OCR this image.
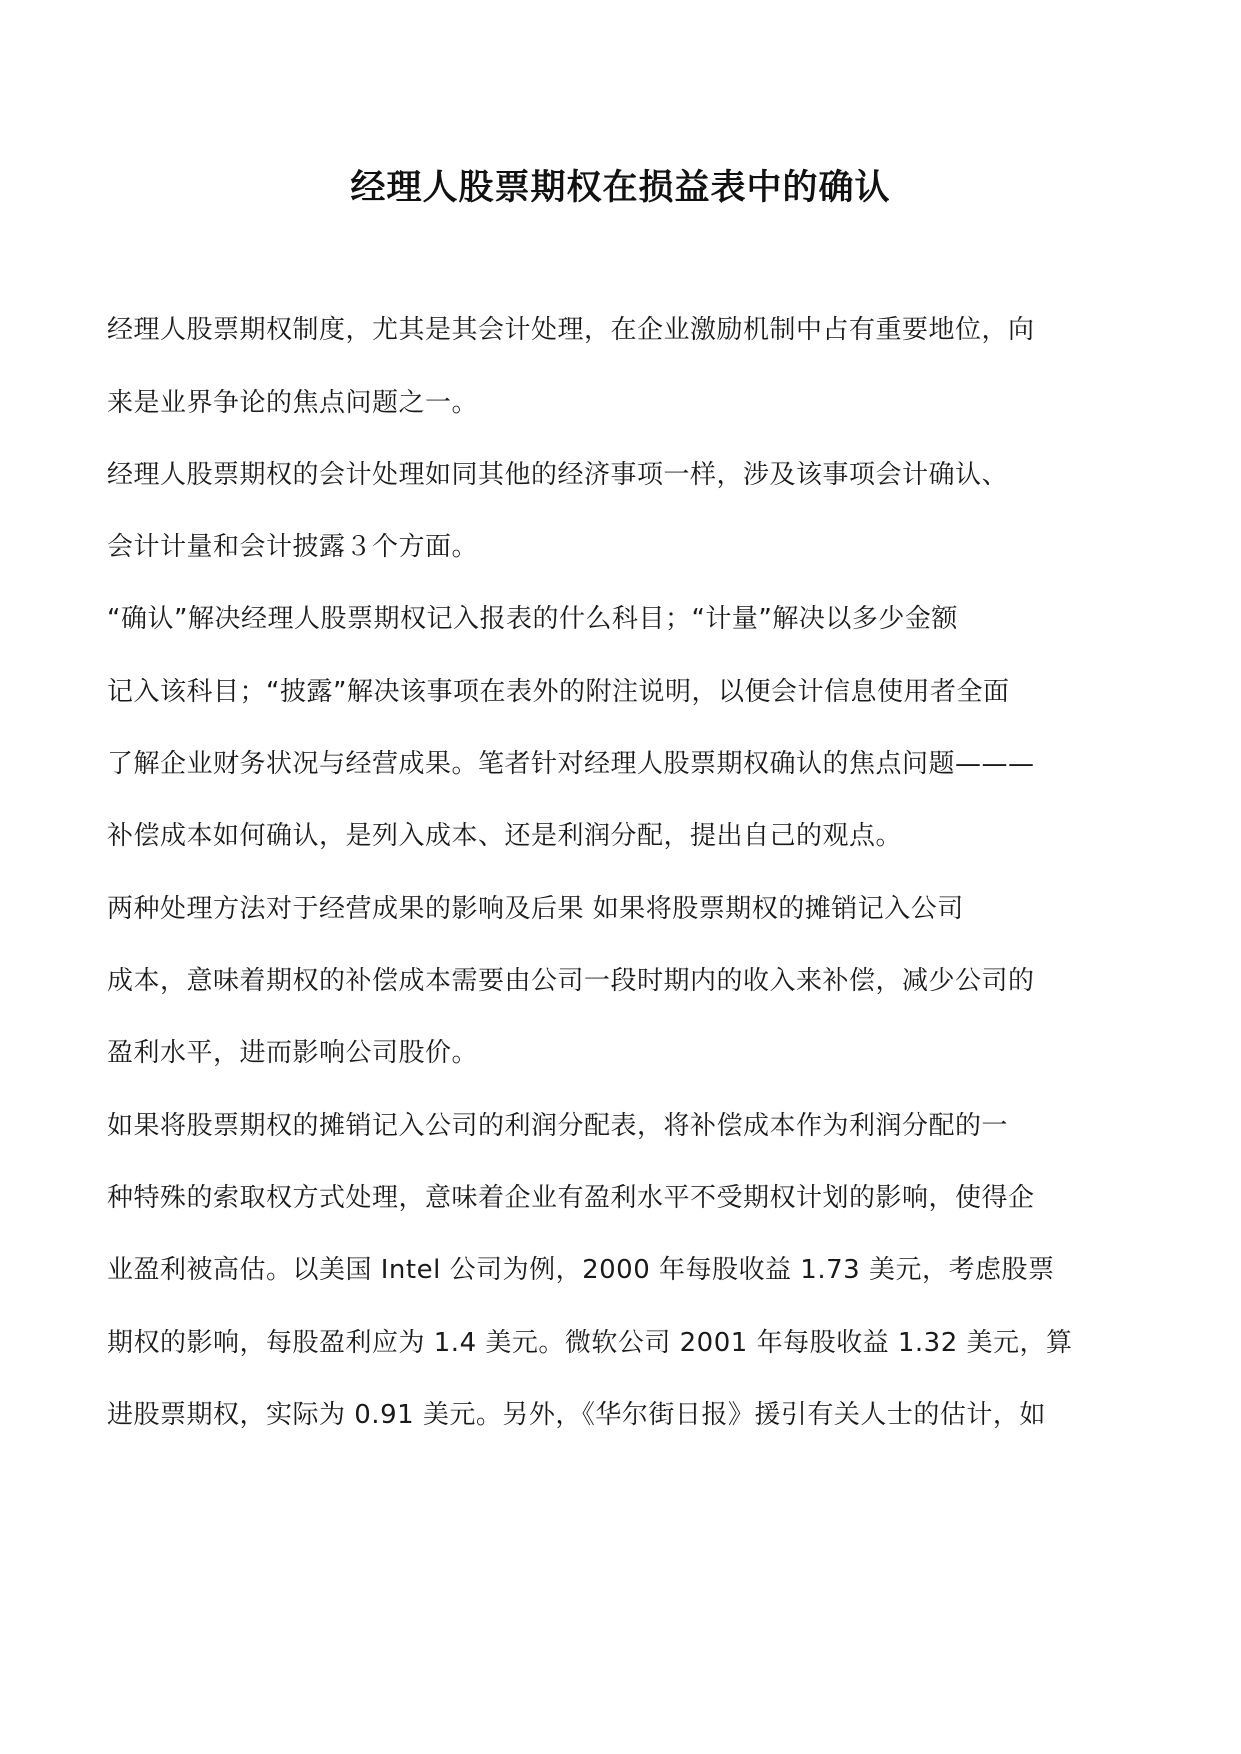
经理人股票期权在损益表中的确认
经理人股票期权制度，尤其是其会计处理，在企业激励机制中占有重要地位，向
来是业界争论的焦点问题之一。
经理人股票期权的会计处理如同其他的经济事项一样，涉及该事项会计确认、
会计计量和会计披露３个方面。
“确认”解决经理人股票期权记入报表的什么科目；“计量”解决以多少金额
记入该科目；“披露”解决该事项在表外的附注说明，以便会计信息使用者全面
了解企业财务状况与经营成果。笔者针对经理人股票期权确认的焦点问题———
补偿成本如何确认，是列入成本、还是利润分配，提出自己的观点。
两种处理方法对于经营成果的影响及后果 如果将股票期权的摊销记入公司
成本，意味着期权的补偿成本需要由公司一段时期内的收入来补偿，减少公司的
盈利水平，进而影响公司股价。
如果将股票期权的摊销记入公司的利润分配表，将补偿成本作为利润分配的一
种特殊的索取权方式处理，意味着企业有盈利水平不受期权计划的影响，使得企
业盈利被高估。以美国 Intel 公司为例，2000 年每股收益 1.73 美元，考虑股票
期权的影响，每股盈利应为 1.4 美元。微软公司 2001 年每股收益 1.32 美元，算
进股票期权，实际为 0.91 美元。另外，《华尔街日报》援引有关人士的估计，如
